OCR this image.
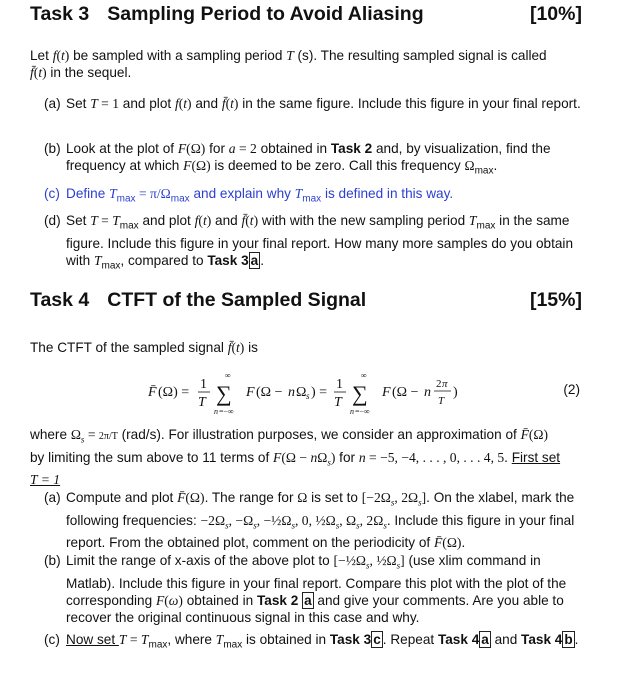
Task 3 Sampling Period to Avoid Aliasing	[10%]
Let f(t) be sampled with a sampling period T (s). The resulting sampled signal is called
f̄(t) in the sequel.
(a) Set T = 1 and plot f(t) and f̄(t) in the same figure. Include this figure in your final report.
(b) Look at the plot of F(Ω) for a = 2 obtained in Task 2 and, by visualization, find the frequency at which F(Ω) is deemed to be zero. Call this frequency $\Omega_{max}$.
(c) Define $T_{max} = \pi/\Omega_{max}$ and explain why $T_{max}$ is defined in this way.
(d) Set $T = T_{max}$ and plot f(t) and f̄(t) with with the new sampling period $T_{max}$ in the same figure. Include this figure in your final report. How many more samples do you obtain with $T_{max}$, compared to Task 3 a .
Task 4 CTFT of the Sampled Signal	[15%]
The CTFT of the sampled signal f̄(t) is
F̄ (Ω) =
1
T
∞
∑
n =−∞
F (Ω − n Ω s ) =
1
T
∞
∑
n =−∞
F (Ω − n
2 π
T
)	(2)
where $\Omega_s = 2\pi/T$ (rad/s). For illustration purposes, we consider an approximation of F̄(Ω)
by limiting the sum above to 11 terms of $F(\Omega - n\Omega_s)$ for n = −5, −4, . . . , 0, . . . 4, 5. First set
T = 1
(a) Compute and plot F̄(Ω). The range for Ω is set to [$-2\Omega_s$, $2\Omega_s$]. On the xlabel, mark the following frequencies: $-2\Omega_s$, $-\Omega_s$, $-\frac{1}{2}\Omega_s$, 0, $\frac{1}{2}\Omega_s$, $\Omega_s$, $2\Omega_s$. Include this figure in your final report. From the obtained plot, comment on the periodicity of F̄(Ω).
(b) Limit the range of x-axis of the above plot to [$-\frac{1}{2}\Omega_s$, $\frac{1}{2}\Omega_s$] (use xlim command in Matlab). Include this figure in your final report. Compare this plot with the plot of the corresponding F(ω) obtained in Task 2 a and give your comments. Are you able to recover the original continuous signal in this case and why.
(c) Now set $T = T_{max}$, where $T_{max}$ is obtained in Task 3 c . Repeat Task 4 a and Task 4 b .
